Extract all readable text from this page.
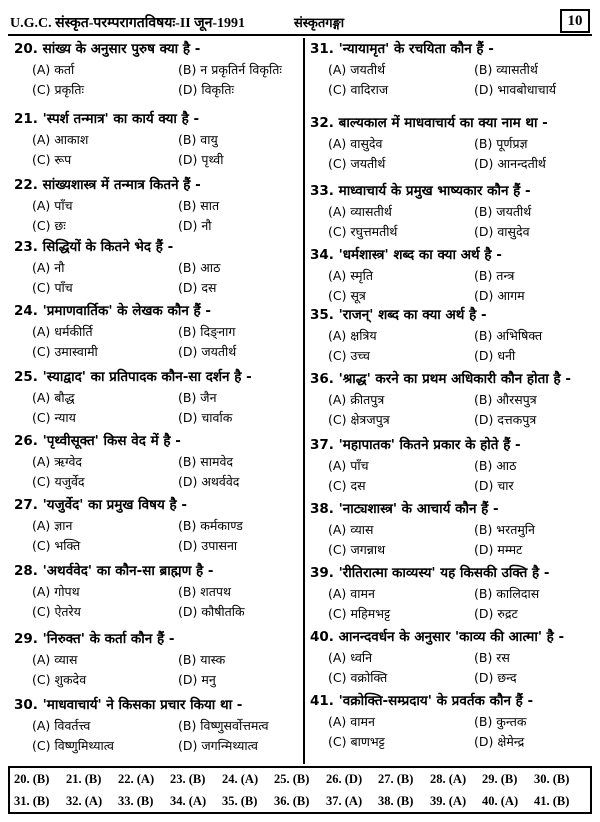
U.G.C. संस्कृत-परम्परागतविषयः-II जून-1991	संस्कृतगङ्गा	10
20. सांख्य के अनुसार पुरुष क्या है -
(A) कर्ता	(B) न प्रकृतिर्न विकृतिः
(C) प्रकृतिः	(D) विकृतिः
21. 'स्पर्श तन्मात्र' का कार्य क्या है -
(A) आकाश	(B) वायु
(C) रूप	(D) पृथ्वी
22. सांख्यशास्त्र में तन्मात्र कितने हैं -
(A) पाँच	(B) सात
(C) छः	(D) नौ
23. सिद्धियों के कितने भेद हैं -
(A) नौ	(B) आठ
(C) पाँच	(D) दस
24. 'प्रमाणवार्तिक' के लेखक कौन हैं -
(A) धर्मकीर्ति	(B) दिङ्नाग
(C) उमास्वामी	(D) जयतीर्थ
25. 'स्याद्वाद' का प्रतिपादक कौन-सा दर्शन है -
(A) बौद्ध	(B) जैन
(C) न्याय	(D) चार्वाक
26. 'पृथ्वीसूक्त' किस वेद में है -
(A) ऋग्वेद	(B) सामवेद
(C) यजुर्वेद	(D) अथर्ववेद
27. 'यजुर्वेद' का प्रमुख विषय है -
(A) ज्ञान	(B) कर्मकाण्ड
(C) भक्ति	(D) उपासना
28. 'अथर्ववेद' का कौन-सा ब्राह्मण है -
(A) गोपथ	(B) शतपथ
(C) ऐतरेय	(D) कौषीतकि
29. 'निरुक्त' के कर्ता कौन हैं -
(A) व्यास	(B) यास्क
(C) शुकदेव	(D) मनु
30. 'माधवाचार्य' ने किसका प्रचार किया था -
(A) विवर्तत्त्व	(B) विष्णुसर्वोत्तमत्व
(C) विष्णुमिथ्यात्व	(D) जगन्मिथ्यात्व
31. 'न्यायामृत' के रचयिता कौन हैं -
(A) जयतीर्थ	(B) व्यासतीर्थ
(C) वादिराज	(D) भावबोधाचार्य
32. बाल्यकाल में माधवाचार्य का क्या नाम था -
(A) वासुदेव	(B) पूर्णप्रज्ञ
(C) जयतीर्थ	(D) आनन्दतीर्थ
33. माध्वाचार्य के प्रमुख भाष्यकार कौन हैं -
(A) व्यासतीर्थ	(B) जयतीर्थ
(C) रघुत्तमतीर्थ	(D) वासुदेव
34. 'धर्मशास्त्र' शब्द का क्या अर्थ है -
(A) स्मृति	(B) तन्त्र
(C) सूत्र	(D) आगम
35. 'राजन्' शब्द का क्या अर्थ है -
(A) क्षत्रिय	(B) अभिषिक्त
(C) उच्च	(D) धनी
36. 'श्राद्ध' करने का प्रथम अधिकारी कौन होता है -
(A) क्रीतपुत्र	(B) औरसपुत्र
(C) क्षेत्रजपुत्र	(D) दत्तकपुत्र
37. 'महापातक' कितने प्रकार के होते हैं -
(A) पाँच	(B) आठ
(C) दस	(D) चार
38. 'नाट्यशास्त्र' के आचार्य कौन हैं -
(A) व्यास	(B) भरतमुनि
(C) जगन्नाथ	(D) मम्मट
39. 'रीतिरात्मा काव्यस्य' यह किसकी उक्ति है -
(A) वामन	(B) कालिदास
(C) महिमभट्ट	(D) रुद्रट
40. आनन्दवर्धन के अनुसार 'काव्य की आत्मा' है -
(A) ध्वनि	(B) रस
(C) वक्रोक्ति	(D) छन्द
41. 'वक्रोक्ति-सम्प्रदाय' के प्रवर्तक कौन हैं -
(A) वामन	(B) कुन्तक
(C) बाणभट्ट	(D) क्षेमेन्द्र
20. (B)	21. (B)	22. (A)	23. (B)	24. (A)	25. (B)	26. (D)	27. (B)	28. (A)	29. (B)	30. (B)
31. (B)	32. (A)	33. (B)	34. (A)	35. (B)	36. (B)	37. (A)	38. (B)	39. (A)	40. (A)	41. (B)
